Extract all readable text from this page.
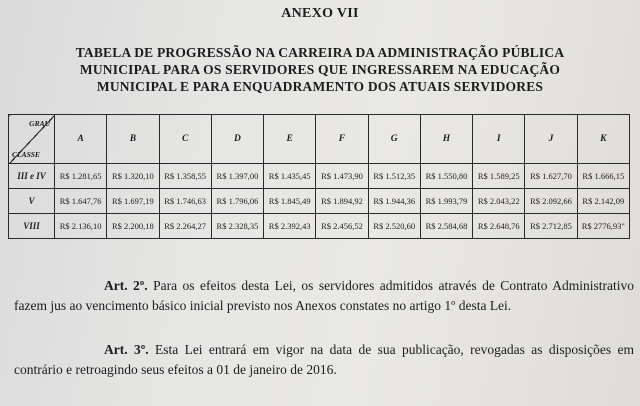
ANEXO VII
TABELA DE PROGRESSÃO NA CARREIRA DA ADMINISTRAÇÃO PÚBLICA MUNICIPAL PARA OS SERVIDORES QUE INGRESSAREM NA EDUCAÇÃO MUNICIPAL E PARA ENQUADRAMENTO DOS ATUAIS SERVIDORES
GRAU
CLASSE	A	B	C	D	E	F	G	H	I	J	K
III e IV	R$ 1.281,65	R$ 1.320,10	R$ 1.358,55	R$ 1.397,00	R$ 1.435,45	R$ 1.473,90	R$ 1.512,35	R$ 1.550,80	R$ 1.589,25	R$ 1.627,70	R$ 1.666,15
V	R$ 1.647,76	R$ 1.697,19	R$ 1.746,63	R$ 1.796,06	R$ 1.845,49	R$ 1.894,92	R$ 1.944,36	R$ 1.993,79	R$ 2.043,22	R$ 2.092,66	R$ 2.142,09
VIII	R$ 2.136,10	R$ 2.200,18	R$ 2.264,27	R$ 2.328,35	R$ 2.392,43	R$ 2.456,52	R$ 2.520,60	R$ 2.584,68	R$ 2.648,76	R$ 2.712,85	R$ 2776,93"
Art. 2º. Para os efeitos desta Lei, os servidores admitidos através de Contrato Administrativo fazem jus ao vencimento básico inicial previsto nos Anexos constates no artigo 1º desta Lei.
Art. 3º. Esta Lei entrará em vigor na data de sua publicação, revogadas as disposições em contrário e retroagindo seus efeitos a 01 de janeiro de 2016.
